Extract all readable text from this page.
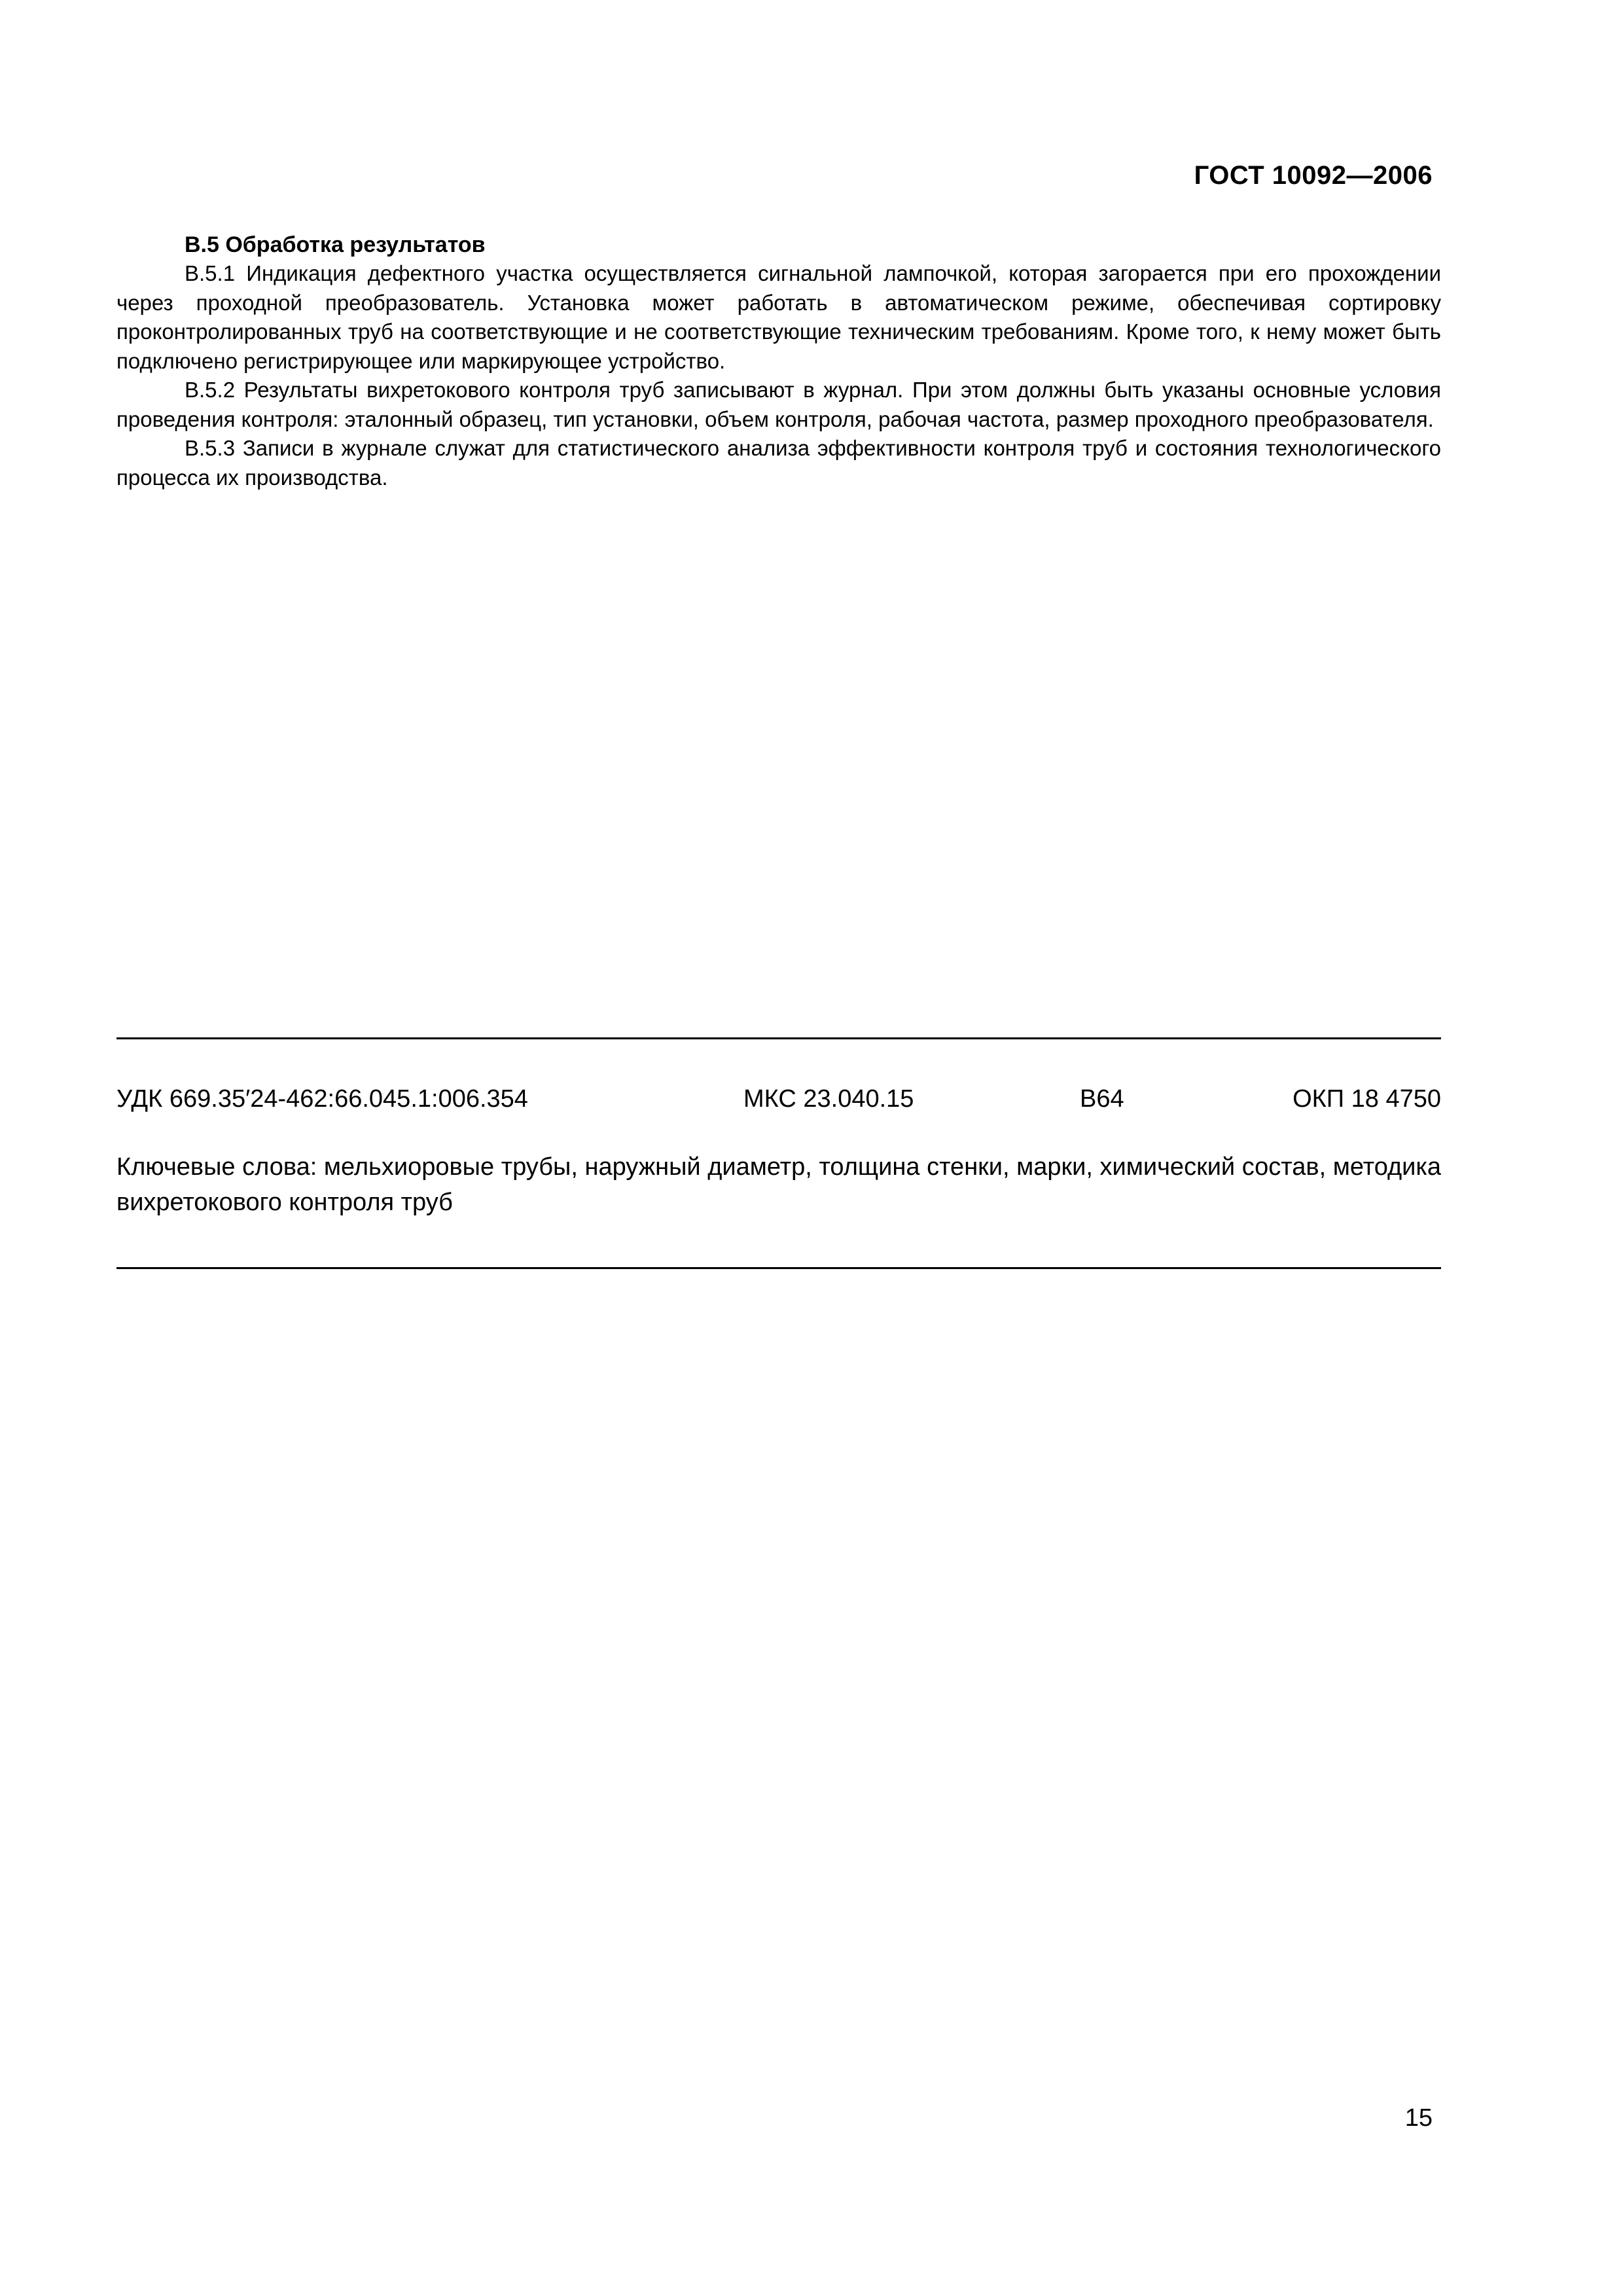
ГОСТ 10092—2006
В.5 Обработка результатов

В.5.1 Индикация дефектного участка осуществляется сигнальной лампочкой, которая загорается при его прохождении через проходной преобразователь. Установка может работать в автоматическом режиме, обеспечивая сортировку проконтролированных труб на соответствующие и не соответствующие техническим требованиям. Кроме того, к нему может быть подключено регистрирующее или маркирующее устройство.

В.5.2 Результаты вихретокового контроля труб записывают в журнал. При этом должны быть указаны основные условия проведения контроля: эталонный образец, тип установки, объем контроля, рабочая частота, размер проходного преобразователя.

В.5.3 Записи в журнале служат для статистического анализа эффективности контроля труб и состояния технологического процесса их производства.

УДК 669.35′24-462:66.045.1:006.354	МКС 23.040.15	В64	ОКП 18 4750

Ключевые слова: мельхиоровые трубы, наружный диаметр, толщина стенки, марки, химический состав, методика вихретокового контроля труб

15
